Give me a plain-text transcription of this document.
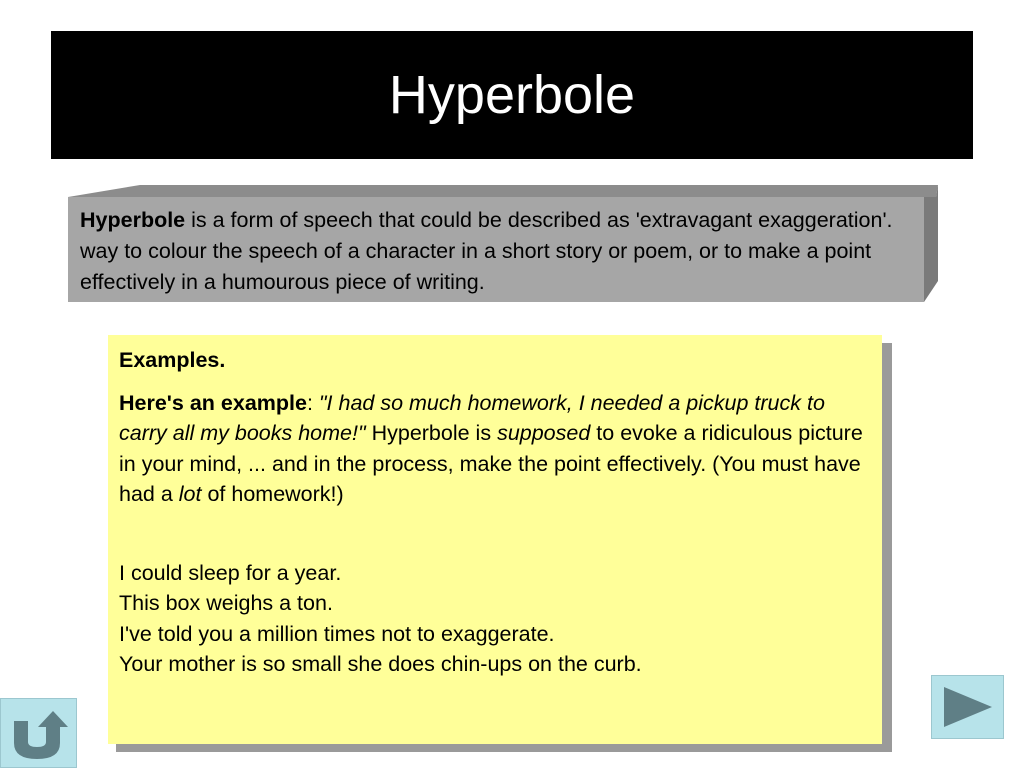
Hyperbole
Hyperbole is a form of speech that could be described as 'extravagant exaggeration'. way to colour the speech of a character in a short story or poem, or to make a point effectively in a humourous piece of writing.

Examples.

Here's an example: "I had so much homework, I needed a pickup truck to carry all my books home!" Hyperbole is supposed to evoke a ridiculous picture in your mind, ... and in the process, make the point effectively. (You must have had a lot of homework!)

I could sleep for a year.
This box weighs a ton.
I've told you a million times not to exaggerate.
Your mother is so small she does chin-ups on the curb.
